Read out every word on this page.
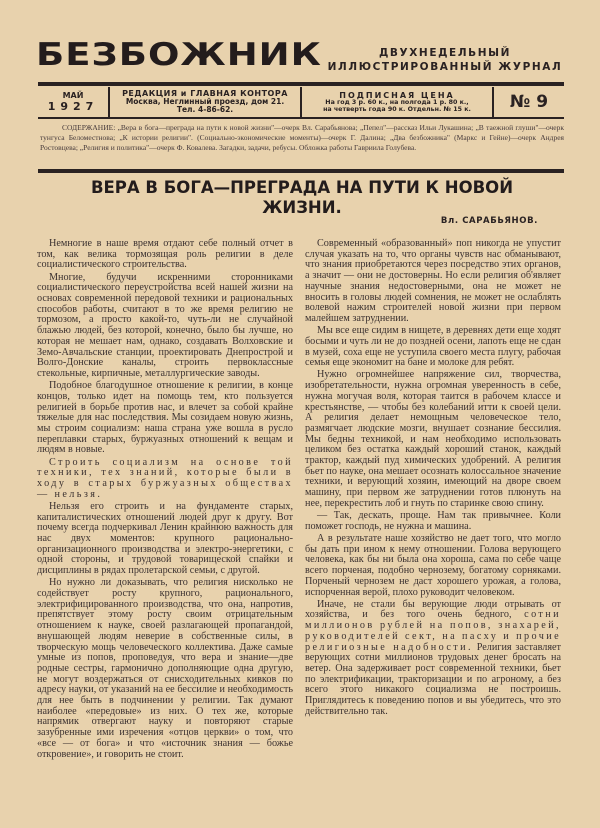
БЕЗБОЖНИК	ДВУХНЕДЕЛЬНЫЙ
ИЛЛЮСТРИРОВАННЫЙ ЖУРНАЛ
МАЙ
1927
РЕДАКЦИЯ и ГЛАВНАЯ КОНТОРА
Москва, Неглинный проезд, дом 21.
Тел. 4-86-62.
ПОДПИСНАЯ ЦЕНА
На год 3 р. 60 к., на полгода 1 р. 80 к.,
на четверть года 90 к. Отдельн. № 15 к.	№ 9
СОДЕРЖАНИЕ: „Вера в бога—преграда на пути к новой жизни"—очерк Вл. Сарабьянова; „Пепел"—рассказ Ильи Лукашина; „В таежной глуши"—очерк тунгуса Беломестнова; „К истории религии". (Социально-экономические моменты)—очерк Г. Далина; „Два безбожника" (Маркс и Гейне)—очерк Андрея Ростовцева; „Религия и политика"—очерк Ф. Ковалева. Загадки, задачи, ребусы. Обложка работы Гавриила Голубева.
ВЕРА В БОГА—ПРЕГРАДА НА ПУТИ К НОВОЙ
ЖИЗНИ.
Вл. САРАБЬЯНОВ.

Немногие в наше время отдают себе полный отчет в том, как велика тормозящая роль религии в деле социалистического строительства.

Многие, будучи искренними сторонниками социалистического переустройства всей нашей жизни на основах современной передовой техники и рациональных способов работы, считают в то же время религию не тормозом, а просто какой-то, чуть-ли не случайной блажью людей, без которой, конечно, было бы лучше, но которая не мешает нам, однако, создавать Волховские и Земо-Авчальские станции, проектировать Днепрострой и Волго-Донские каналы, строить первоклассные стекольные, кирпичные, металлургические заводы.

Подобное благодушное отношение к религии, в конце концов, только идет на помощь тем, кто пользуется религией в борьбе против нас, и влечет за собой крайне тяжелые для нас последствия. Мы созидаем новую жизнь, мы строим социализм: наша страна уже вошла в русло переплавки старых, буржуазных отношений к вещам и людям в новые.

Строить социализм на основе той техники, тех знаний, которые были в ходу в старых буржуазных обществах — нельзя.

Нельзя его строить и на фундаменте старых, капиталистических отношений людей друг к другу. Вот почему всегда подчеркивал Ленин крайнюю важность для нас двух моментов: крупного рационально-организационного производства и электро-энергетики, с одной стороны, и трудовой товарищеской спайки и дисциплины в рядах пролетарской семьи, с другой.

Но нужно ли доказывать, что религия нисколько не содействует росту крупного, рационального, электрифицированного производства, что она, напротив, препятствует этому росту своим отрицательным отношением к науке, своей разлагающей пропагандой, внушающей людям неверие в собственные силы, в творческую мощь человеческого коллектива. Даже самые умные из попов, проповедуя, что вера и знание—две родные сестры, гармонично дополняющие одна другую, не могут воздержаться от снисходительных кивков по адресу науки, от указаний на ее бессилие и необходимость для нее быть в подчинении у религии. Так думают наиболее «передовые» из них. О тех же, которые напрямик отвергают науку и повторяют старые зазубренные ими изречения «отцов церкви» о том, что «все — от бога» и что «источник знания — божье откровение», и говорить не стоит.

Современный «образованный» поп никогда не упустит случая указать на то, что органы чувств нас обманывают, что знания приобретаются через посредство этих органов, а значит — они не достоверны. Но если религия об'являет научные знания недостоверными, она не может не вносить в головы людей сомнения, не может не ослаблять волевой нажим строителей новой жизни при первом малейшем затруднении.

Мы все еще сидим в нищете, в деревнях дети еще ходят босыми и чуть ли не до поздней осени, лапоть еще не сдан в музей, соха еще не уступила своего места плугу, рабочая семья еще экономит на бане и молоке для ребят.

Нужно огромнейшее напряжение сил, творчества, изобретательности, нужна огромная уверенность в себе, нужна могучая воля, которая таится в рабочем классе и крестьянстве, — чтобы без колебаний итти к своей цели. А религия делает немощным человеческое тело, размягчает людские мозги, внушает сознание бессилия. Мы бедны техникой, и нам необходимо использовать целиком без остатка каждый хороший станок, каждый трактор, каждый пуд химических удобрений. А религия бьет по науке, она мешает осознать колоссальное значение техники, и верующий хозяин, имеющий на дворе своем машину, при первом же затруднении готов плюнуть на нее, перекрестить лоб и гнуть по старинке свою спину.

— Так, дескать, проще. Нам так привычнее. Коли поможет господь, не нужна и машина.

А в результате наше хозяйство не дает того, что могло бы дать при ином к нему отношении. Голова верующего человека, как бы ни была она хороша, сама по себе чаще всего порченая, подобно чернозему, богатому сорняками. Порченый чернозем не даст хорошего урожая, а голова, испорченная верой, плохо руководит человеком.

Иначе, не стали бы верующие люди отрывать от хозяйства, и без того очень бедного, сотни миллионов рублей на попов, знахарей, руководителей сект, на пасху и прочие религиозные надобности. Религия заставляет верующих сотни миллионов трудовых денег бросать на ветер. Она задерживает рост современной техники, бьет по электрификации, тракторизации и по агроному, а без всего этого никакого социализма не построишь. Приглядитесь к поведению попов и вы убедитесь, что это действительно так.
